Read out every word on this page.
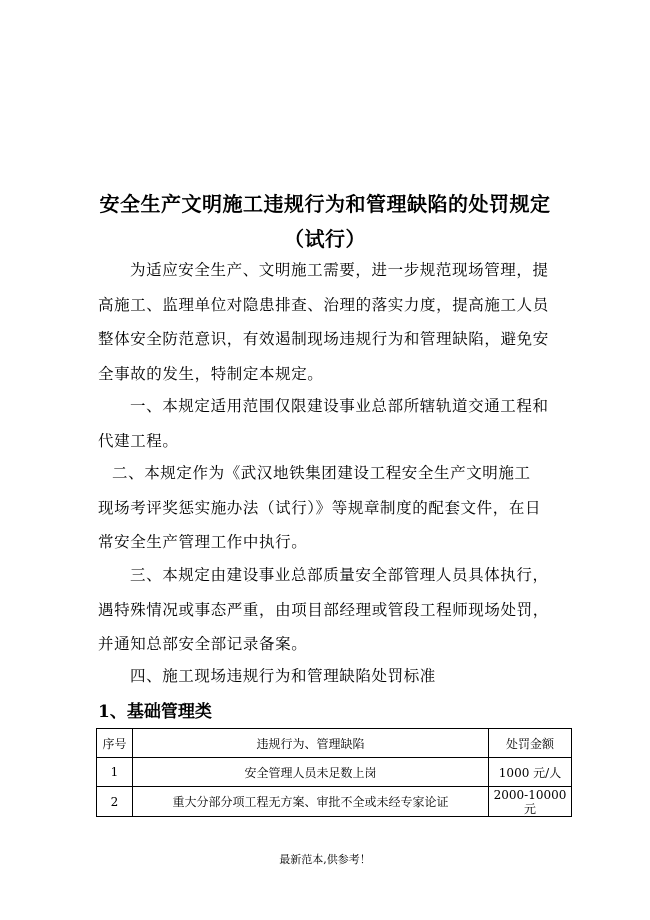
安全生产文明施工违规行为和管理缺陷的处罚规定
（试行）
为适应安全生产、文明施工需要，进一步规范现场管理，提
高施工、监理单位对隐患排查、治理的落实力度，提高施工人员
整体安全防范意识，有效遏制现场违规行为和管理缺陷，避免安
全事故的发生，特制定本规定。
一、本规定适用范围仅限建设事业总部所辖轨道交通工程和
代建工程。
二、本规定作为《武汉地铁集团建设工程安全生产文明施工
现场考评奖惩实施办法（试行）》等规章制度的配套文件，在日
常安全生产管理工作中执行。
三、本规定由建设事业总部质量安全部管理人员具体执行，
遇特殊情况或事态严重，由项目部经理或管段工程师现场处罚，
并通知总部安全部记录备案。
四、施工现场违规行为和管理缺陷处罚标准
1、基础管理类
序号	违规行为、管理缺陷	处罚金额
1	安全管理人员未足数上岗	1000 元/人
2	重大分部分项工程无方案、审批不全或未经专家论证	2000-10000
元
最新范本,供参考！
